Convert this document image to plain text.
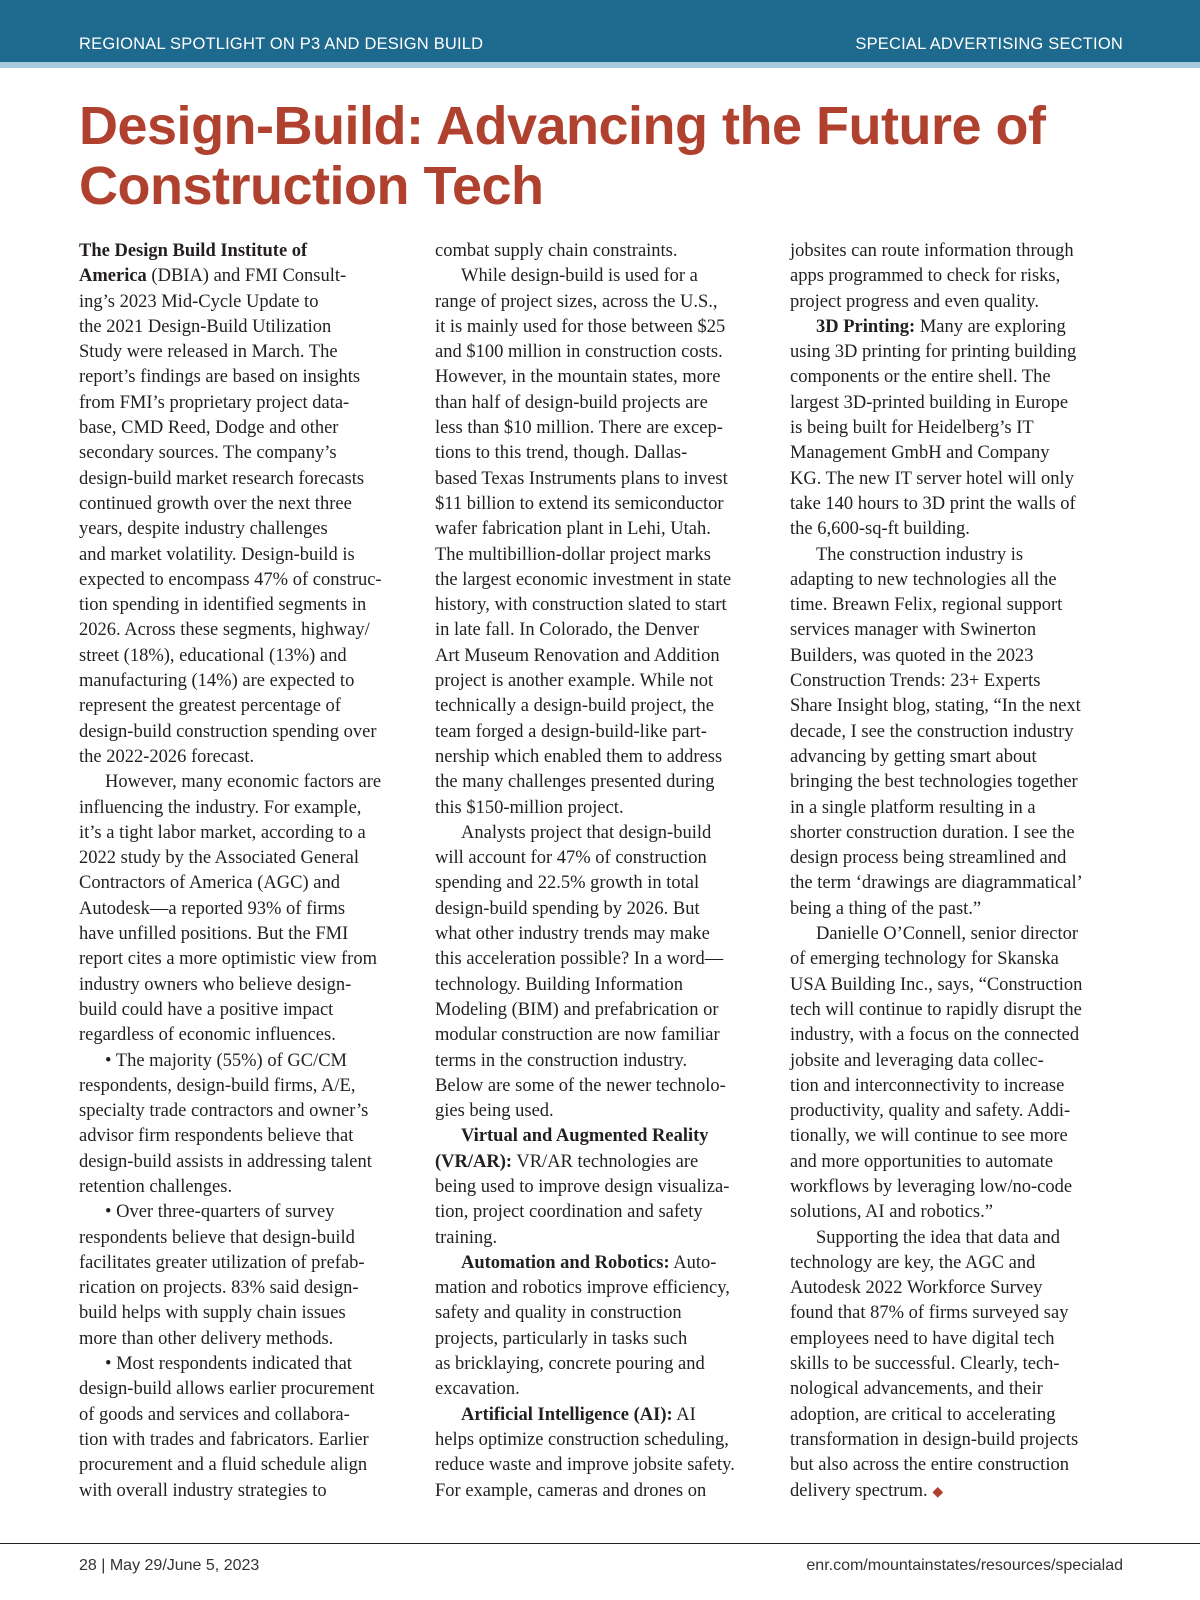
REGIONAL SPOTLIGHT ON P3 AND DESIGN BUILD	SPECIAL ADVERTISING SECTION
Design-Build: Advancing the Future of
Construction Tech
The Design Build Institute of
America (DBIA) and FMI Consult-
ing’s 2023 Mid-Cycle Update to
the 2021 Design-Build Utilization
Study were released in March. The
report’s findings are based on insights
from FMI’s proprietary project data-
base, CMD Reed, Dodge and other
secondary sources. The company’s
design-build market research forecasts
continued growth over the next three
years, despite industry challenges
and market volatility. Design-build is
expected to encompass 47% of construc-
tion spending in identified segments in
2026. Across these segments, highway/
street (18%), educational (13%) and
manufacturing (14%) are expected to
represent the greatest percentage of
design-build construction spending over
the 2022-2026 forecast.
However, many economic factors are
influencing the industry. For example,
it’s a tight labor market, according to a
2022 study by the Associated General
Contractors of America (AGC) and
Autodesk—a reported 93% of firms
have unfilled positions. But the FMI
report cites a more optimistic view from
industry owners who believe design-
build could have a positive impact
regardless of economic influences.
• The majority (55%) of GC/CM
respondents, design-build firms, A/E,
specialty trade contractors and owner’s
advisor firm respondents believe that
design-build assists in addressing talent
retention challenges.
• Over three-quarters of survey
respondents believe that design-build
facilitates greater utilization of prefab-
rication on projects. 83% said design-
build helps with supply chain issues
more than other delivery methods.
• Most respondents indicated that
design-build allows earlier procurement
of goods and services and collabora-
tion with trades and fabricators. Earlier
procurement and a fluid schedule align
with overall industry strategies to
combat supply chain constraints.
While design-build is used for a
range of project sizes, across the U.S.,
it is mainly used for those between $25
and $100 million in construction costs.
However, in the mountain states, more
than half of design-build projects are
less than $10 million. There are excep-
tions to this trend, though. Dallas-
based Texas Instruments plans to invest
$11 billion to extend its semiconductor
wafer fabrication plant in Lehi, Utah.
The multibillion-dollar project marks
the largest economic investment in state
history, with construction slated to start
in late fall. In Colorado, the Denver
Art Museum Renovation and Addition
project is another example. While not
technically a design-build project, the
team forged a design-build-like part-
nership which enabled them to address
the many challenges presented during
this $150-million project.
Analysts project that design-build
will account for 47% of construction
spending and 22.5% growth in total
design-build spending by 2026. But
what other industry trends may make
this acceleration possible? In a word—
technology. Building Information
Modeling (BIM) and prefabrication or
modular construction are now familiar
terms in the construction industry.
Below are some of the newer technolo-
gies being used.
Virtual and Augmented Reality
(VR/AR): VR/AR technologies are
being used to improve design visualiza-
tion, project coordination and safety
training.
Automation and Robotics: Auto-
mation and robotics improve efficiency,
safety and quality in construction
projects, particularly in tasks such
as bricklaying, concrete pouring and
excavation.
Artificial Intelligence (AI): AI
helps optimize construction scheduling,
reduce waste and improve jobsite safety.
For example, cameras and drones on
jobsites can route information through
apps programmed to check for risks,
project progress and even quality.
3D Printing: Many are exploring
using 3D printing for printing building
components or the entire shell. The
largest 3D-printed building in Europe
is being built for Heidelberg’s IT
Management GmbH and Company
KG. The new IT server hotel will only
take 140 hours to 3D print the walls of
the 6,600-sq-ft building.
The construction industry is
adapting to new technologies all the
time. Breawn Felix, regional support
services manager with Swinerton
Builders, was quoted in the 2023
Construction Trends: 23+ Experts
Share Insight blog, stating, “In the next
decade, I see the construction industry
advancing by getting smart about
bringing the best technologies together
in a single platform resulting in a
shorter construction duration. I see the
design process being streamlined and
the term ‘drawings are diagrammatical’
being a thing of the past.”
Danielle O’Connell, senior director
of emerging technology for Skanska
USA Building Inc., says, “Construction
tech will continue to rapidly disrupt the
industry, with a focus on the connected
jobsite and leveraging data collec-
tion and interconnectivity to increase
productivity, quality and safety. Addi-
tionally, we will continue to see more
and more opportunities to automate
workflows by leveraging low/no-code
solutions, AI and robotics.”
Supporting the idea that data and
technology are key, the AGC and
Autodesk 2022 Workforce Survey
found that 87% of firms surveyed say
employees need to have digital tech
skills to be successful. Clearly, tech-
nological advancements, and their
adoption, are critical to accelerating
transformation in design-build projects
but also across the entire construction
delivery spectrum. ◆
28 | May 29/June 5, 2023	enr.com/mountainstates/resources/specialad
